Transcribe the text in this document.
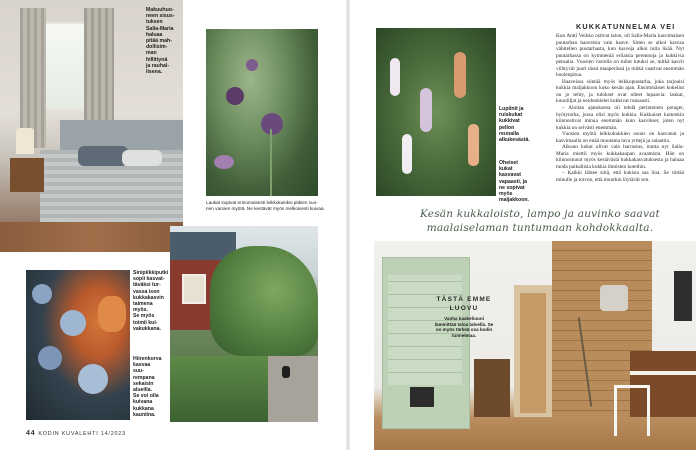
Makuuhuo-
neen sisus-
tuksen
Salla-Maria
haluaa
pitää mah-
dollisim-
man
hillittynä
ja rauhal-
lisena.
Laukat sopivat erinomaisesti leikkokukiksi pitkien suo-
rien varsien myötä. Ne kestävät myös melkoisesti kuivaa.
Sinipiikkiputki
sopii kasvat-
täväksi tur-
vassa ison
kukkakasvin
taimena
myös.
Se myös
toimii kui-
vakukkana.
Hiirenkorva
kasvaa
suu-
rempana
sekaisin
alueilla.
Se voi olla
kuivana
kukkana
kauniina.
44 KODIN KUVALEHTI 14/2023
Lupiinit ja ruiskukat kukkivat pellon reunalla alkukesästä.
Oheiset kukat kasvavat vapaasti, ja ne sopivat myös maljakkoon.
KUKKATUNNELMA VEI

Kun Antti Veikko ostivat talon, oli Salla-Maria kasvimaisen puutarhan haaveista vain haave. Sitten se alkoi kasvaa vähitellen puutarhasta, kun kasveja alkoi tulla lisää. Nyt puutarhassa on kymmeniä erilaisia perennoja ja kukkivia pensaita. Vuosien varrella on tullut tutuksi se, mitkä kasvit viihtyvät juuri tässä maaperässä ja mitkä vaativat enemmän huolenpitoa.

Haaveissa siintää myös leikkopuutarha, joka tarjoaisi kukkia maljakkoon koko kesän ajan. Ensimmäiset kokeilut on jo tehty, ja tulokset ovat olleet lupaavia: laukat, kuunliljat ja neidonkielet kukkivat runsaasti.

– Aloitan ajatuksena oli tehdä perinteinen potager, hyötytarha, jossa olisi myös kukkia. Kukkaiset kuitenkin kiinnostivat minua enemmän kuin kasvikset, joten nyt kukkia on selvästi enemmän.

Vuosien myötä leikkokukkien osuus on kasvanut ja kasvimaalla on enää muutama lava yrttejä ja salaattia.

Alkuun kukat olivat vain harrastus, mutta nyt Salla-Maria miettii myös kukkakaupan avaamista. Hän on kiinnostunut myös kestävästä kukkakasvatuksesta ja haluaa tuoda paikallisia kukkia ihmisten koteihin.

– Kaikki lähtee siitä, että kukista saa iloa. Se riittää minulle ja toivon, että muutkin löytävät sen.

Kesän kukkaloisto, lampo ja auvinko saavat maalaiselaman tuntumaan kohdokkaalta.
TÄSTÄ EMME LUOVU
Vanha kaakeliuuni lämmittää taloa talvella. Se on myös tärkeä osa kodin tunnelmaa.
